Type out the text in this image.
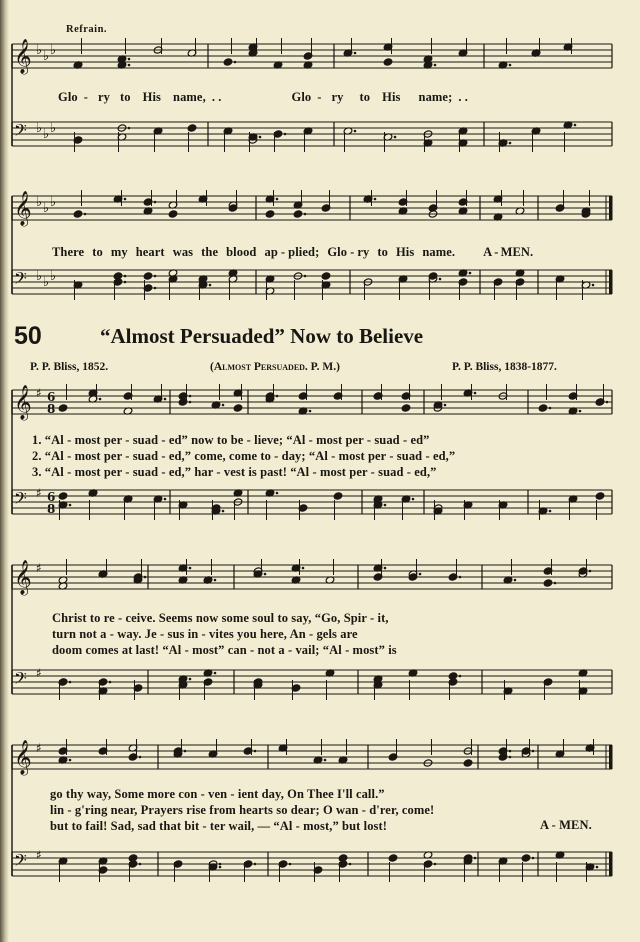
Refrain.
𝄞 ♭ ♭ ♭
𝄢 ♭ ♭ ♭
Glo - ry to His name, . .	Glo - ry to His name; . .
𝄞 ♭ ♭ ♭
𝄢 ♭ ♭ ♭
There to my heart was the blood ap - plied; Glo - ry to His name. A - MEN.
50	“Almost Persuaded” Now to Believe
P. P. Bliss, 1852.	(Almost Persuaded. P. M.)	P. P. Bliss, 1838-1877.
𝄞 ♯ 6
8
𝄢 ♯ 6
8
1. “Al - most per - suad - ed” now to be - lieve; “Al - most per - suad - ed”
2. “Al - most per - suad - ed,” come, come to - day; “Al - most per - suad - ed,”
3. “Al - most per - suad - ed,” har - vest is past! “Al - most per - suad - ed,”
𝄞 ♯
𝄢 ♯
Christ to re - ceive. Seems now some soul to say, “Go, Spir - it,
turn not a - way. Je - sus in - vites you here, An - gels are
doom comes at last! “Al - most” can - not a - vail; “Al - most” is
𝄞 ♯
𝄢 ♯
go thy way, Some more con - ven - ient day, On Thee I'll call.”
lin - g'ring near, Prayers rise from hearts so dear; O wan - d'rer, come!
but to fail! Sad, sad that bit - ter wail, — “Al - most,” but lost!	A - MEN.
